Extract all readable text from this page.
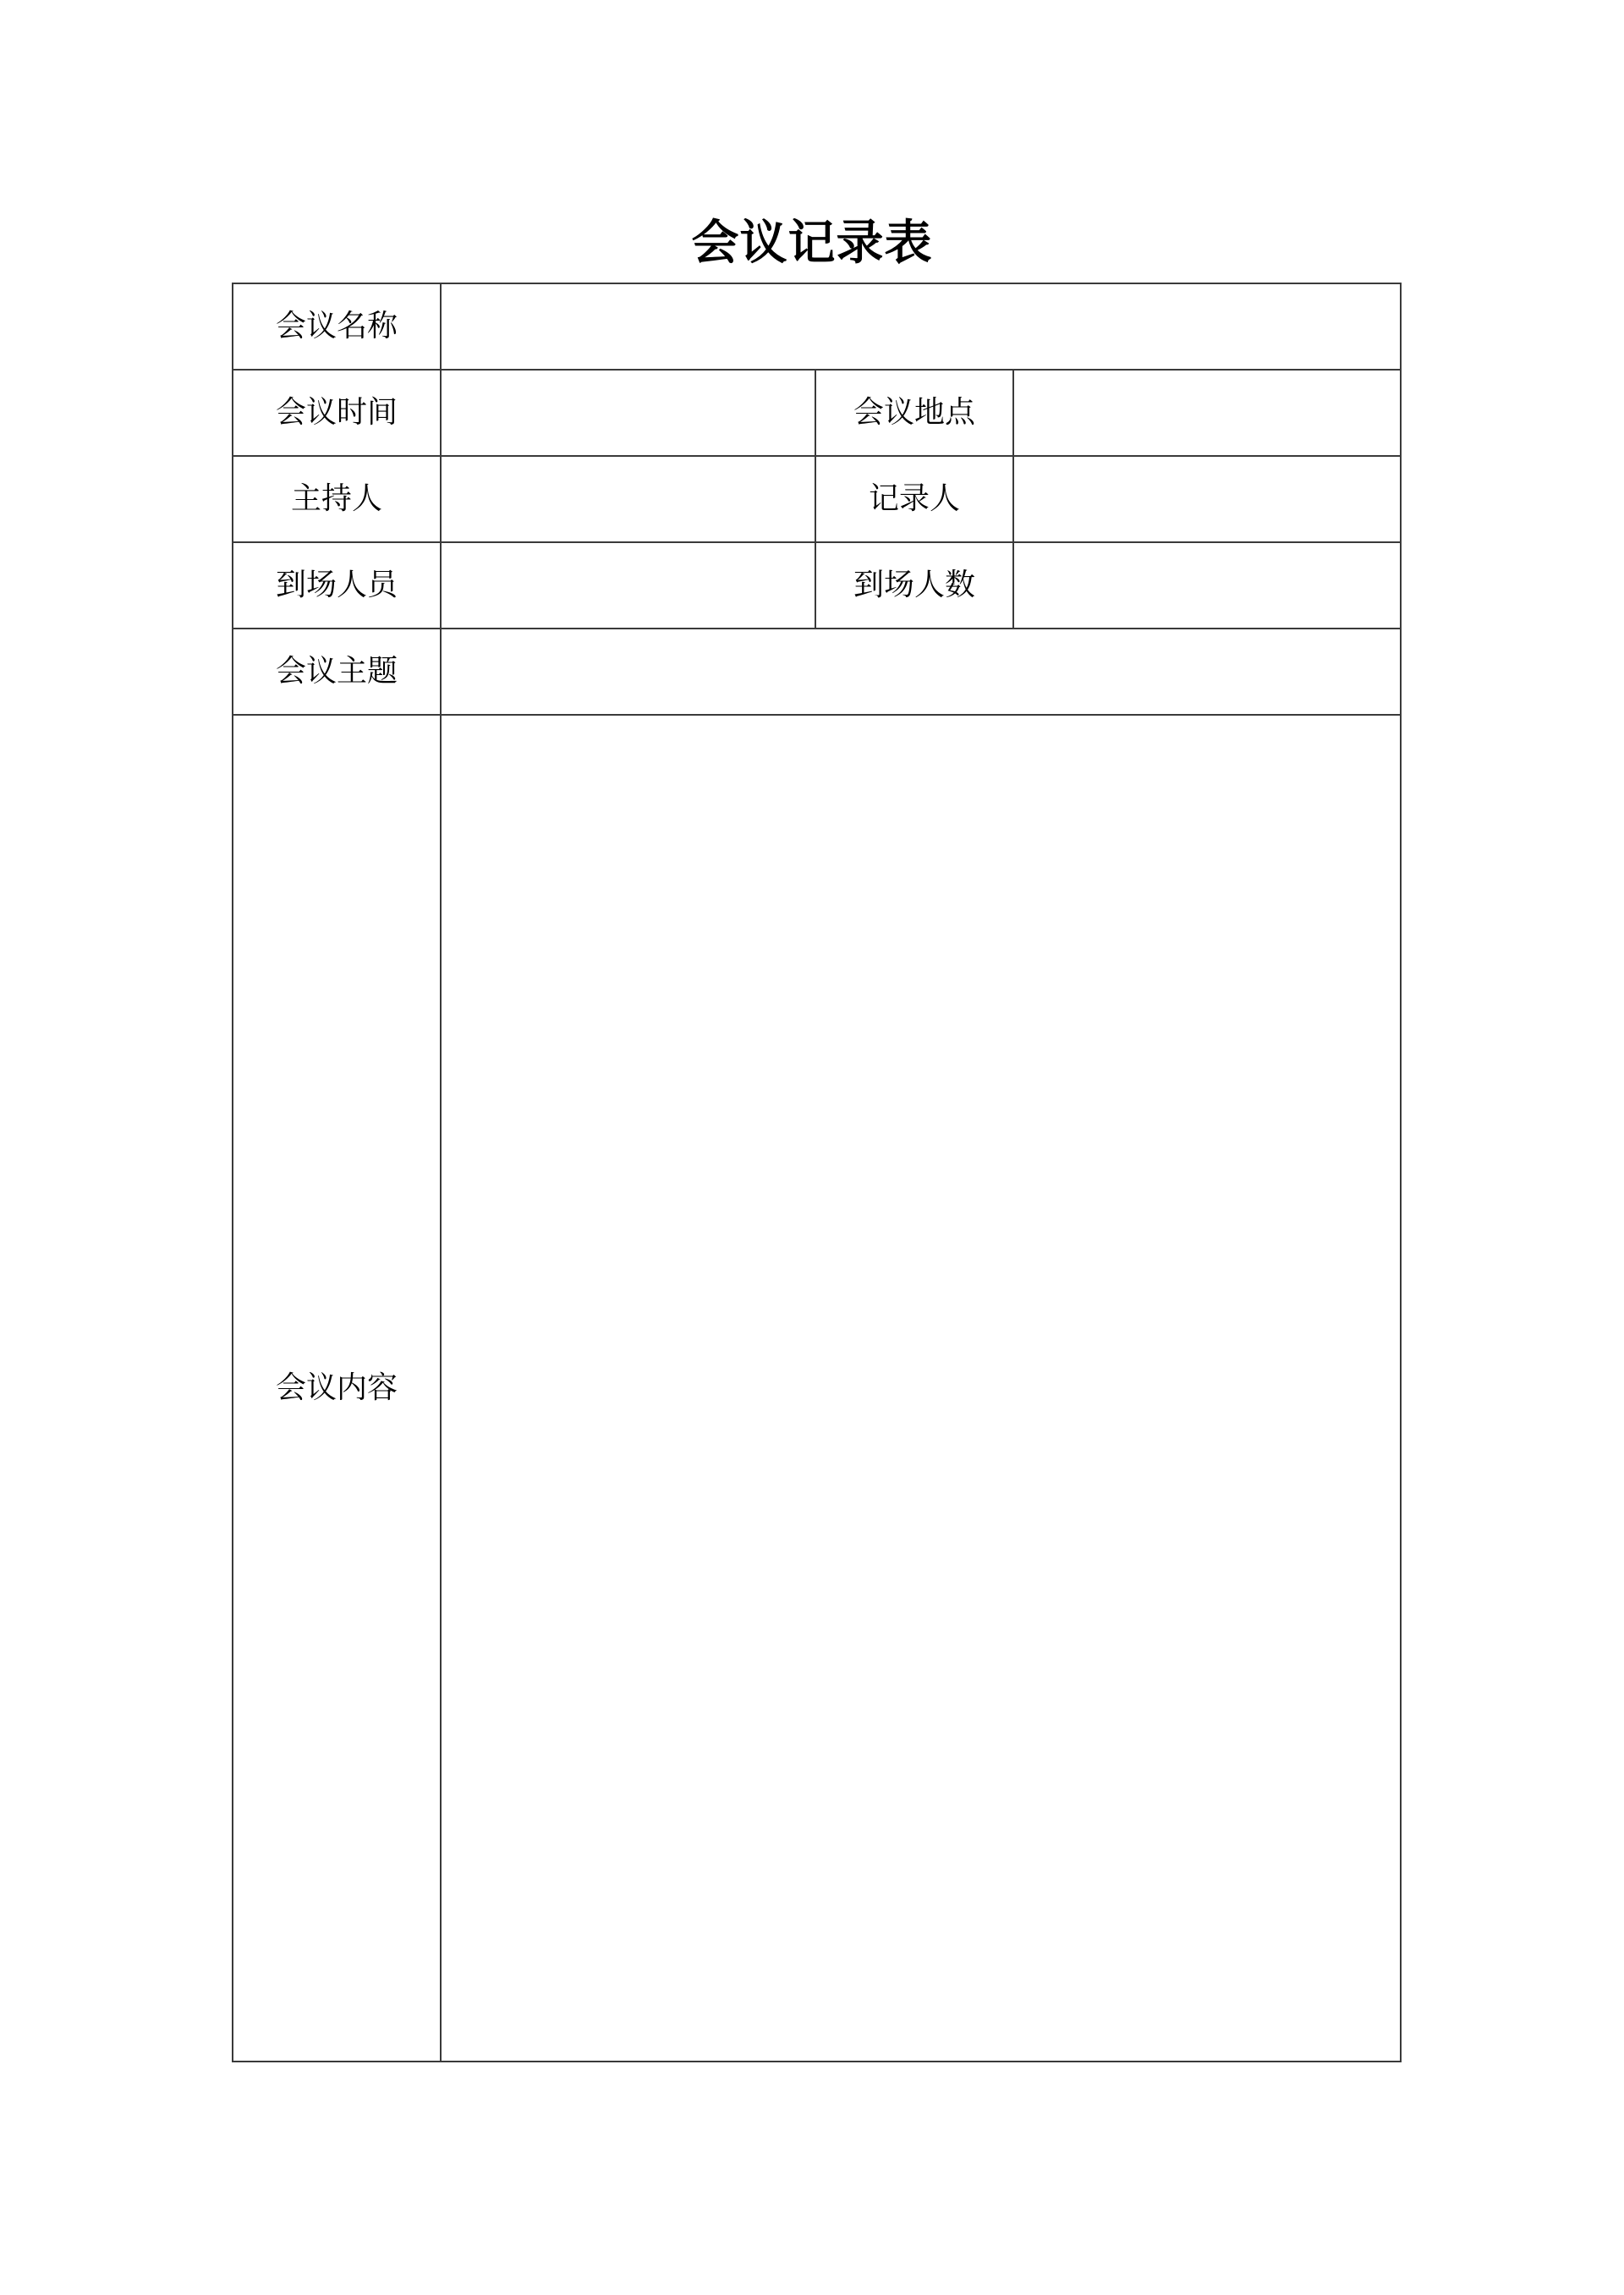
会议记录表
会议名称			
会议时间		会议地点	
主持人		记录人	
到场人员		到场人数	
会议主题			
会议内容			
